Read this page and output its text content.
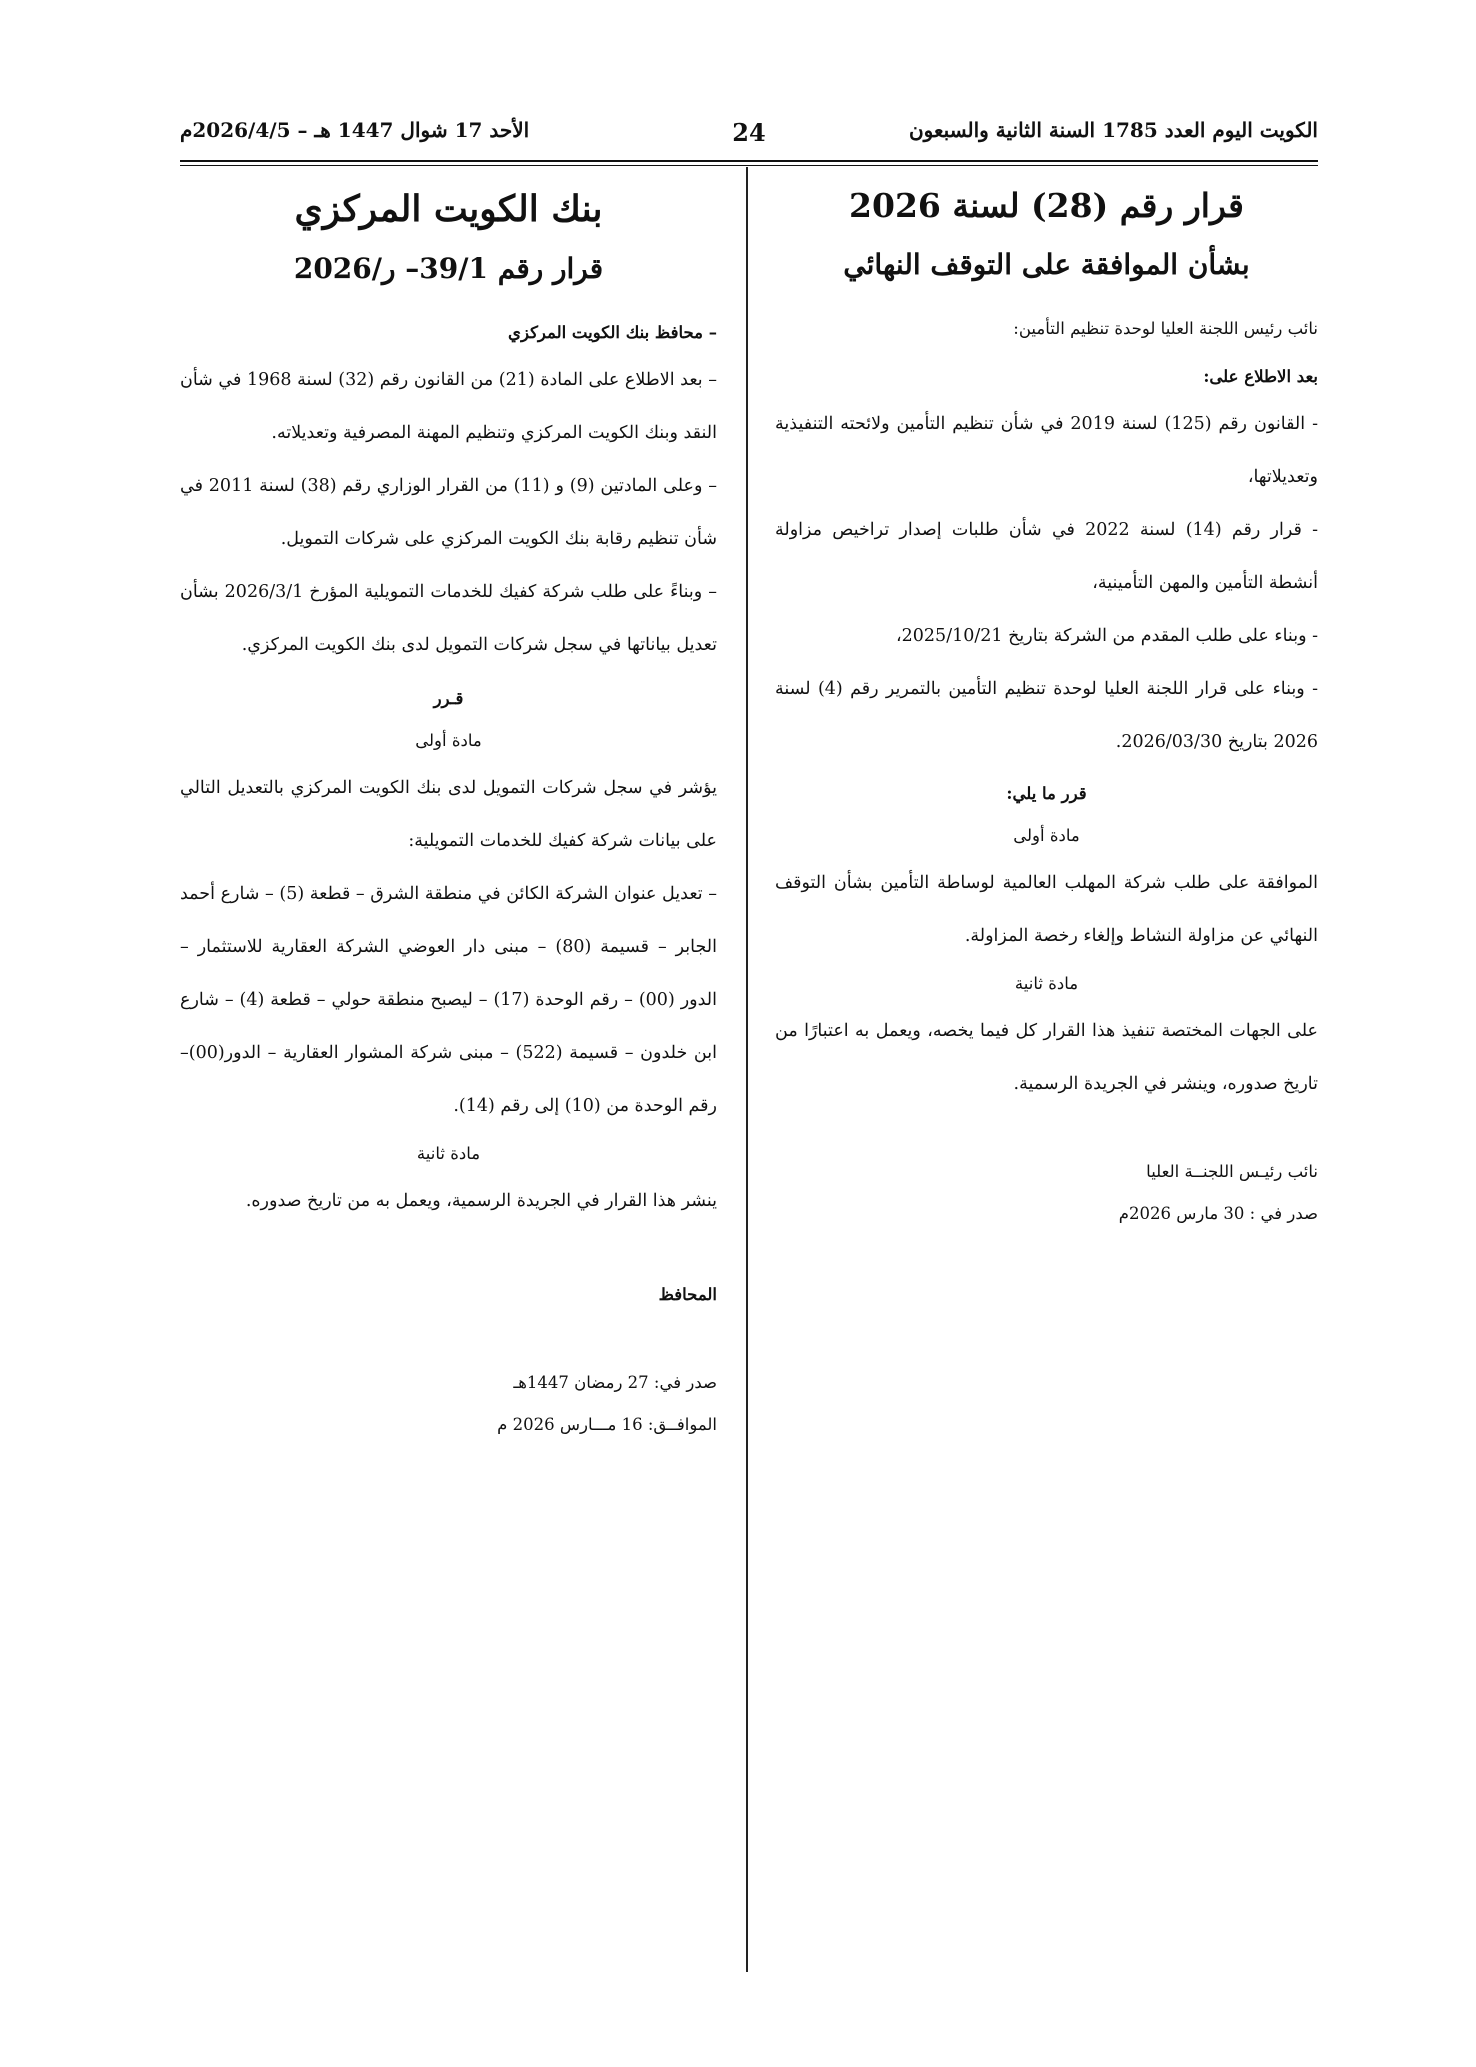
الكويت اليوم العدد 1785 السنة الثانية والسبعون
24
الأحد 17 شوال 1447 هـ – 2026/4/5م

قرار رقم (28) لسنة 2026

بشأن الموافقة على التوقف النهائي

نائب رئيس اللجنة العليا لوحدة تنظيم التأمين:

بعد الاطلاع على:

- القانون رقم (125) لسنة 2019 في شأن تنظيم التأمين ولائحته التنفيذية وتعديلاتها،

- قرار رقم (14) لسنة 2022 في شأن طلبات إصدار تراخيص مزاولة أنشطة التأمين والمهن التأمينية،

- وبناء على طلب المقدم من الشركة بتاريخ 2025/10/21،

- وبناء على قرار اللجنة العليا لوحدة تنظيم التأمين بالتمرير رقم (4) لسنة 2026 بتاريخ 2026/03/30.

قرر ما يلي:

مادة أولى

الموافقة على طلب شركة المهلب العالمية لوساطة التأمين بشأن التوقف النهائي عن مزاولة النشاط وإلغاء رخصة المزاولة.

مادة ثانية

على الجهات المختصة تنفيذ هذا القرار كل فيما يخصه، ويعمل به اعتبارًا من تاريخ صدوره، وينشر في الجريدة الرسمية.

نائب رئيـس اللجنــة العليا

صدر في : 30 مارس 2026م

بنك الكويت المركزي

قرار رقم 39/1– ر/2026

– محافظ بنك الكويت المركزي

– بعد الاطلاع على المادة (21) من القانون رقم (32) لسنة 1968 في شأن النقد وبنك الكويت المركزي وتنظيم المهنة المصرفية وتعديلاته.

– وعلى المادتين (9) و (11) من القرار الوزاري رقم (38) لسنة 2011 في شأن تنظيم رقابة بنك الكويت المركزي على شركات التمويل.

– وبناءً على طلب شركة كفيك للخدمات التمويلية المؤرخ 2026/3/1 بشأن تعديل بياناتها في سجل شركات التمويل لدى بنك الكويت المركزي.

قـرر

مادة أولى

يؤشر في سجل شركات التمويل لدى بنك الكويت المركزي بالتعديل التالي على بيانات شركة كفيك للخدمات التمويلية:

– تعديل عنوان الشركة الكائن في منطقة الشرق – قطعة (5) – شارع أحمد الجابر – قسيمة (80) – مبنى دار العوضي الشركة العقارية للاستثمار – الدور (00) – رقم الوحدة (17) – ليصبح منطقة حولي – قطعة (4) – شارع ابن خلدون – قسيمة (522) – مبنى شركة المشوار العقارية – الدور(00)– رقم الوحدة من (10) إلى رقم (14).

مادة ثانية

ينشر هذا القرار في الجريدة الرسمية، ويعمل به من تاريخ صدوره.

المحافظ

صدر في: 27 رمضان 1447هـ

الموافــق: 16 مـــارس 2026 م
